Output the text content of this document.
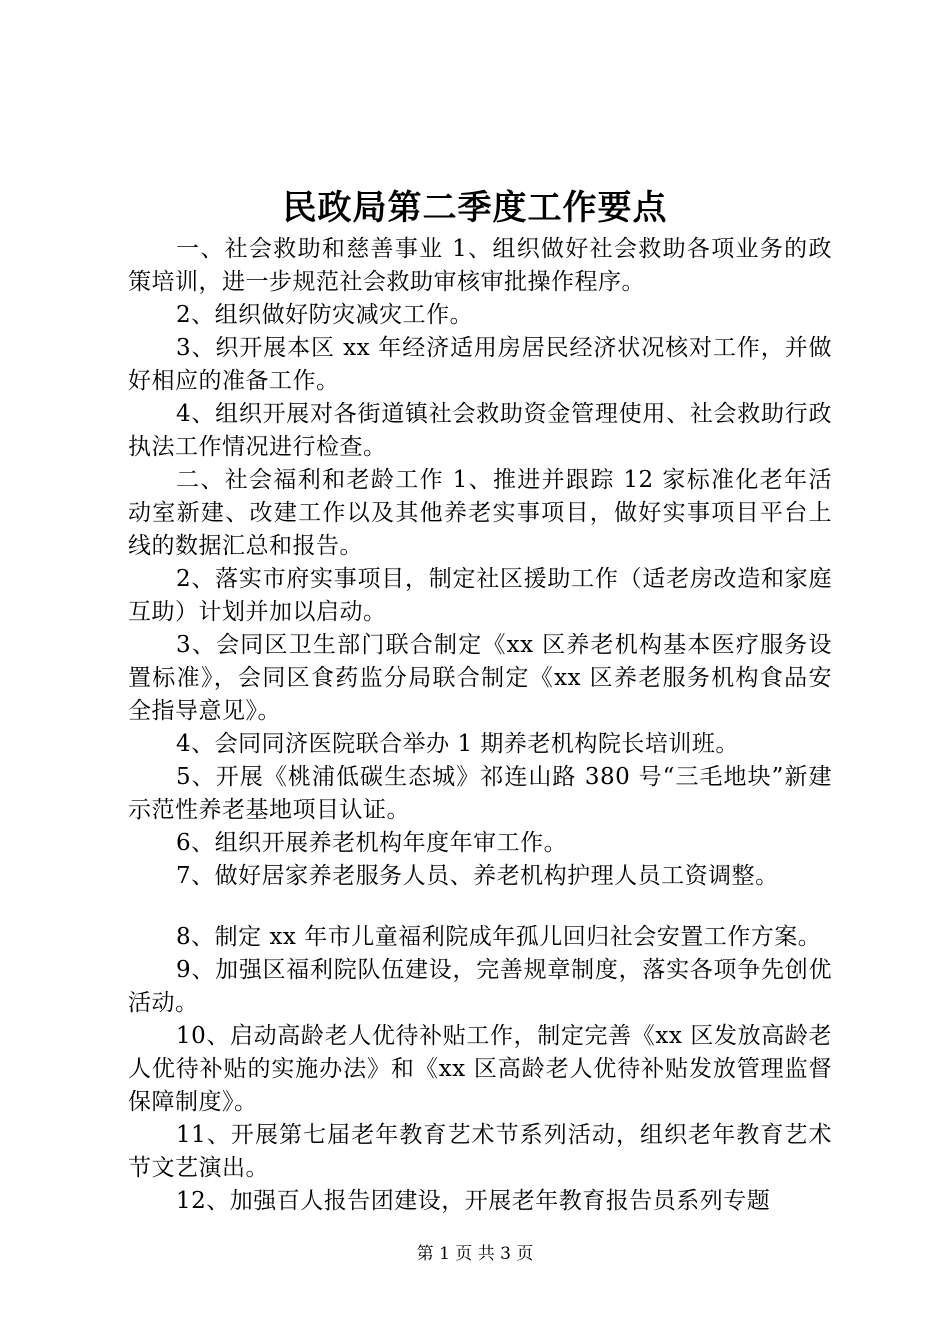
民政局第二季度工作要点

一、社会救助和慈善事业 1、组织做好社会救助各项业务的政策培训，进一步规范社会救助审核审批操作程序。

2、组织做好防灾减灾工作。

3、织开展本区 xx 年经济适用房居民经济状况核对工作，并做好相应的准备工作。

4、组织开展对各街道镇社会救助资金管理使用、社会救助行政执法工作情况进行检查。

二、社会福利和老龄工作 1、推进并跟踪 12 家标准化老年活动室新建、改建工作以及其他养老实事项目，做好实事项目平台上线的数据汇总和报告。

2、落实市府实事项目，制定社区援助工作（适老房改造和家庭互助）计划并加以启动。

3、会同区卫生部门联合制定《xx 区养老机构基本医疗服务设置标准》，会同区食药监分局联合制定《xx 区养老服务机构食品安全指导意见》。

4、会同同济医院联合举办 1 期养老机构院长培训班。

5、开展《桃浦低碳生态城》祁连山路 380 号“三毛地块”新建示范性养老基地项目认证。

6、组织开展养老机构年度年审工作。

7、做好居家养老服务人员、养老机构护理人员工资调整。

8、制定 xx 年市儿童福利院成年孤儿回归社会安置工作方案。

9、加强区福利院队伍建设，完善规章制度，落实各项争先创优活动。

10、启动高龄老人优待补贴工作，制定完善《xx 区发放高龄老人优待补贴的实施办法》和《xx 区高龄老人优待补贴发放管理监督保障制度》。

11、开展第七届老年教育艺术节系列活动，组织老年教育艺术节文艺演出。

12、加强百人报告团建设，开展老年教育报告员系列专题

第 1 页 共 3 页
